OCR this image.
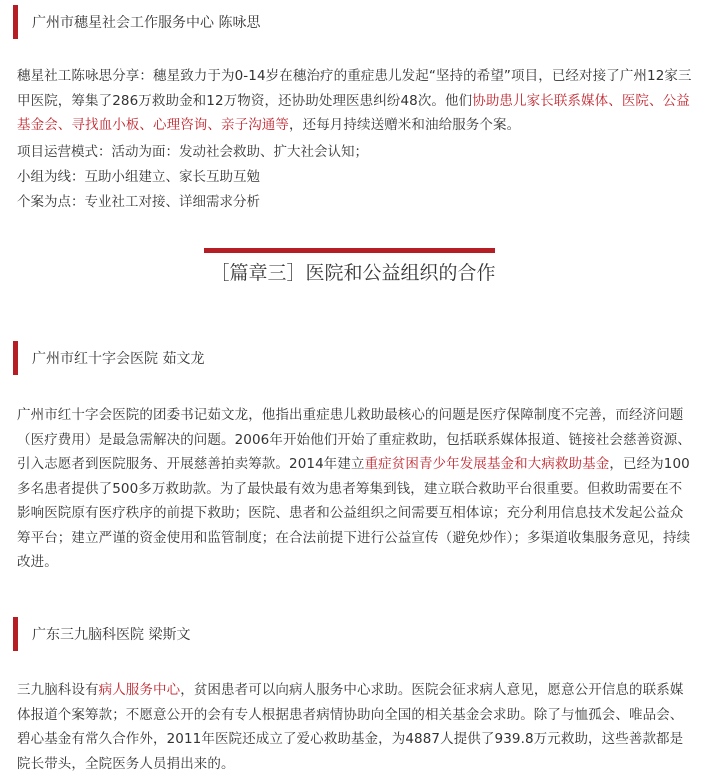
广州市穗星社会工作服务中心 陈咏思

穗星社工陈咏思分享：穗星致力于为0-14岁在穗治疗的重症患儿发起“坚持的希望”项目，已经对接了广州12家三甲医院，筹集了286万救助金和12万物资，还协助处理医患纠纷48次。他们协助患儿家长联系媒体、医院、公益基金会、寻找血小板、心理咨询、亲子沟通等，还每月持续送赠米和油给服务个案。

项目运营模式：活动为面：发动社会救助、扩大社会认知；

小组为线：互助小组建立、家长互助互勉

个案为点：专业社工对接、详细需求分析

［篇章三］医院和公益组织的合作
广州市红十字会医院 茹文龙

广州市红十字会医院的团委书记茹文龙，他指出重症患儿救助最核心的问题是医疗保障制度不完善，而经济问题（医疗费用）是最急需解决的问题。2006年开始他们开始了重症救助，包括联系媒体报道、链接社会慈善资源、引入志愿者到医院服务、开展慈善拍卖筹款。2014年建立重症贫困青少年发展基金和大病救助基金，已经为100多名患者提供了500多万救助款。为了最快最有效为患者筹集到钱，建立联合救助平台很重要。但救助需要在不影响医院原有医疗秩序的前提下救助；医院、患者和公益组织之间需要互相体谅；充分利用信息技术发起公益众筹平台；建立严谨的资金使用和监管制度；在合法前提下进行公益宣传（避免炒作）；多渠道收集服务意见，持续改进。

广东三九脑科医院 梁斯文

三九脑科设有病人服务中心，贫困患者可以向病人服务中心求助。医院会征求病人意见，愿意公开信息的联系媒体报道个案筹款；不愿意公开的会有专人根据患者病情协助向全国的相关基金会求助。除了与恤孤会、唯品会、碧心基金有常久合作外，2011年医院还成立了爱心救助基金，为4887人提供了939.8万元救助，这些善款都是院长带头，全院医务人员捐出来的。
